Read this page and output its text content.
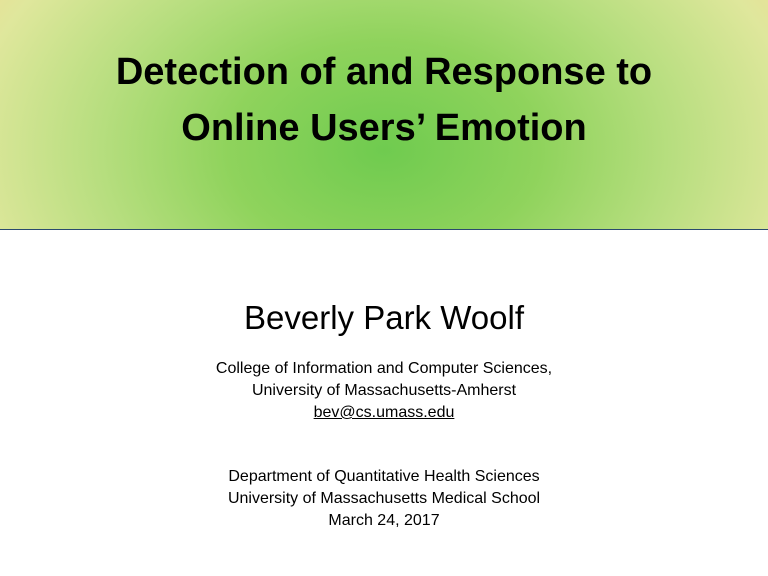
Detection of and Response to
Online Users’ Emotion
Beverly Park Woolf
College of Information and Computer Sciences,
University of Massachusetts-Amherst
bev@cs.umass.edu
Department of Quantitative Health Sciences
University of Massachusetts Medical School
March 24, 2017
